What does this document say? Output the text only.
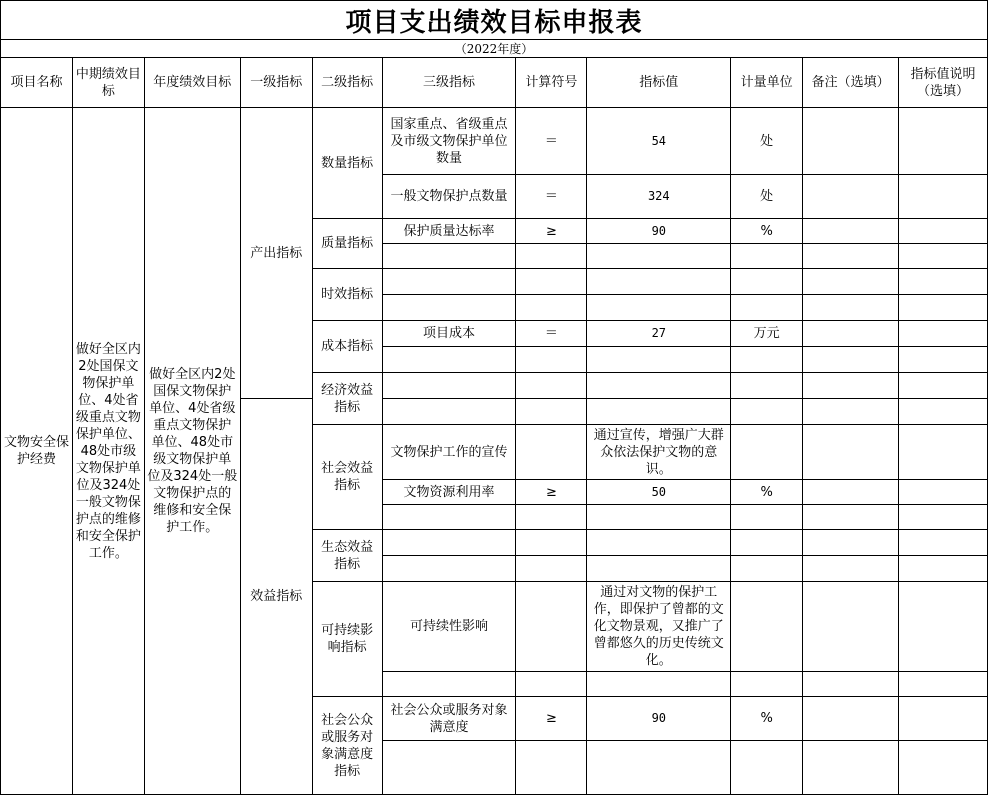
项目支出绩效目标申报表
（2022年度）
项目名称	中期绩效目标	年度绩效目标	一级指标	二级指标	三级指标	计算符号	指标值	计量单位	备注（选填）	指标值说明（选填）
文物安全保护经费	做好全区内2处国保文物保护单位、4处省级重点文物保护单位、48处市级文物保护单位及324处一般文物保护点的维修和安全保护工作。	做好全区内2处国保文物保护单位、4处省级重点文物保护单位、48处市级文物保护单位及324处一般文物保护点的维修和安全保护工作。	产出指标	数量指标	国家重点、省级重点及市级文物保护单位数量	＝	54	处		
					一般文物保护点数量	＝	324	处		
				质量指标	保护质量达标率	≥	90	%		

				时效指标						

				成本指标	项目成本	＝	27	万元		

				经济效益指标						
			效益指标							
				社会效益指标	文物保护工作的宣传		通过宣传，增强广大群众依法保护文物的意识。			
					文物资源利用率	≥	50	%		

				生态效益指标						

				可持续影响指标	可持续性影响		通过对文物的保护工作，即保护了曾都的文化文物景观，又推广了曾都悠久的历史传统文化。			

				社会公众或服务对象满意度指标	社会公众或服务对象满意度	≥	90	%		
